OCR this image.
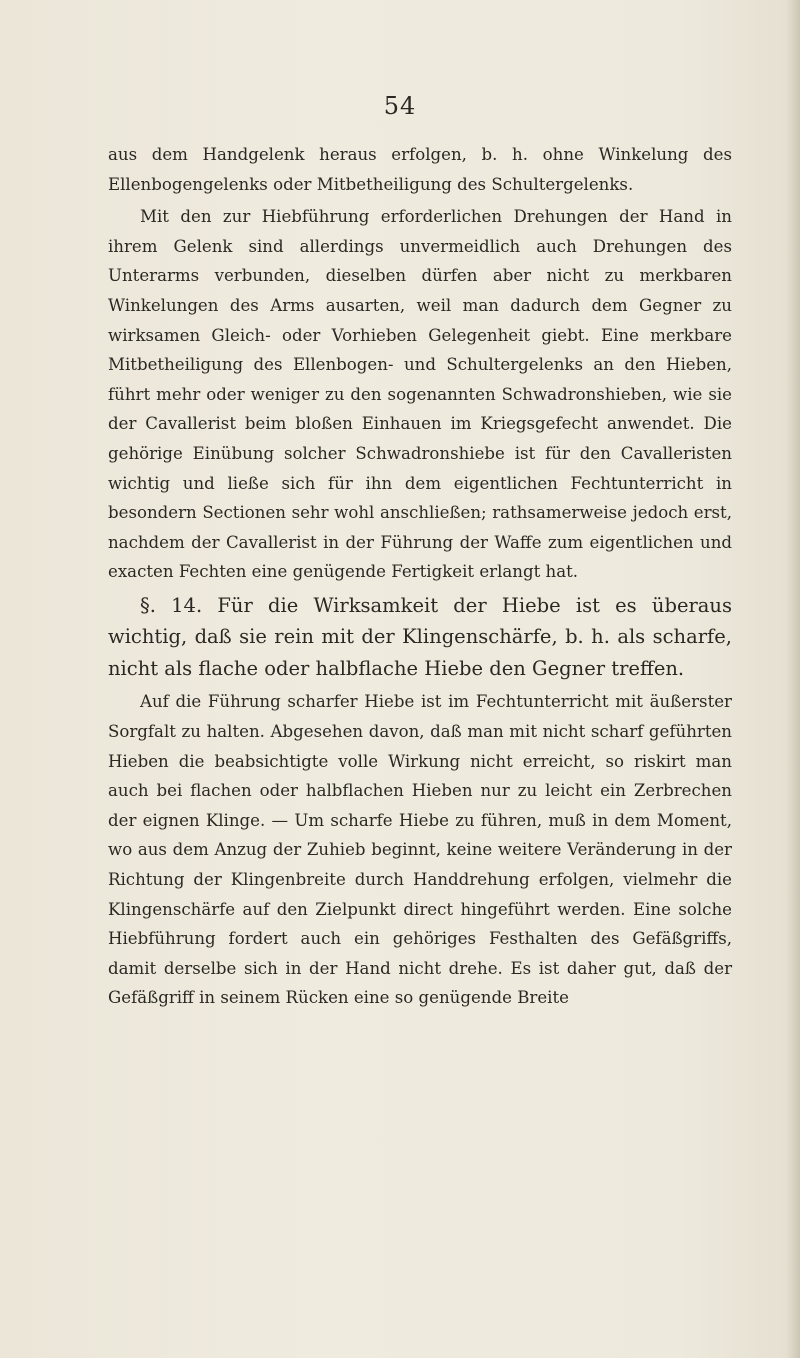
54

aus dem Handgelenk heraus erfolgen, b. h. ohne Winkelung des Ellenbogengelenks oder Mitbetheiligung des Schultergelenks.

Mit den zur Hiebführung erforderlichen Drehungen der Hand in ihrem Gelenk sind allerdings unvermeidlich auch Drehungen des Unterarms verbunden, dieselben dürfen aber nicht zu merkbaren Winkelungen des Arms ausarten, weil man dadurch dem Gegner zu wirksamen Gleich- oder Vorhieben Gelegenheit giebt. Eine merkbare Mitbetheiligung des Ellenbogen- und Schultergelenks an den Hieben, führt mehr oder weniger zu den sogenannten Schwadronshieben, wie sie der Cavallerist beim bloßen Einhauen im Kriegsgefecht anwendet. Die gehörige Einübung solcher Schwadronshiebe ist für den Cavalleristen wichtig und ließe sich für ihn dem eigentlichen Fechtunterricht in besondern Sectionen sehr wohl anschließen; rathsamerweise jedoch erst, nachdem der Cavallerist in der Führung der Waffe zum eigentlichen und exacten Fechten eine genügende Fertigkeit erlangt hat.

§. 14. Für die Wirksamkeit der Hiebe ist es überaus wichtig, daß sie rein mit der Klingenschärfe, b. h. als scharfe, nicht als flache oder halbflache Hiebe den Gegner treffen.

Auf die Führung scharfer Hiebe ist im Fechtunterricht mit äußerster Sorgfalt zu halten. Abgesehen davon, daß man mit nicht scharf geführten Hieben die beabsichtigte volle Wirkung nicht erreicht, so riskirt man auch bei flachen oder halbflachen Hieben nur zu leicht ein Zerbrechen der eignen Klinge. — Um scharfe Hiebe zu führen, muß in dem Moment, wo aus dem Anzug der Zuhieb beginnt, keine weitere Veränderung in der Richtung der Klingenbreite durch Handdrehung erfolgen, vielmehr die Klingenschärfe auf den Zielpunkt direct hingeführt werden. Eine solche Hiebführung fordert auch ein gehöriges Festhalten des Gefäßgriffs, damit derselbe sich in der Hand nicht drehe. Es ist daher gut, daß der Gefäßgriff in seinem Rücken eine so genügende Breite
